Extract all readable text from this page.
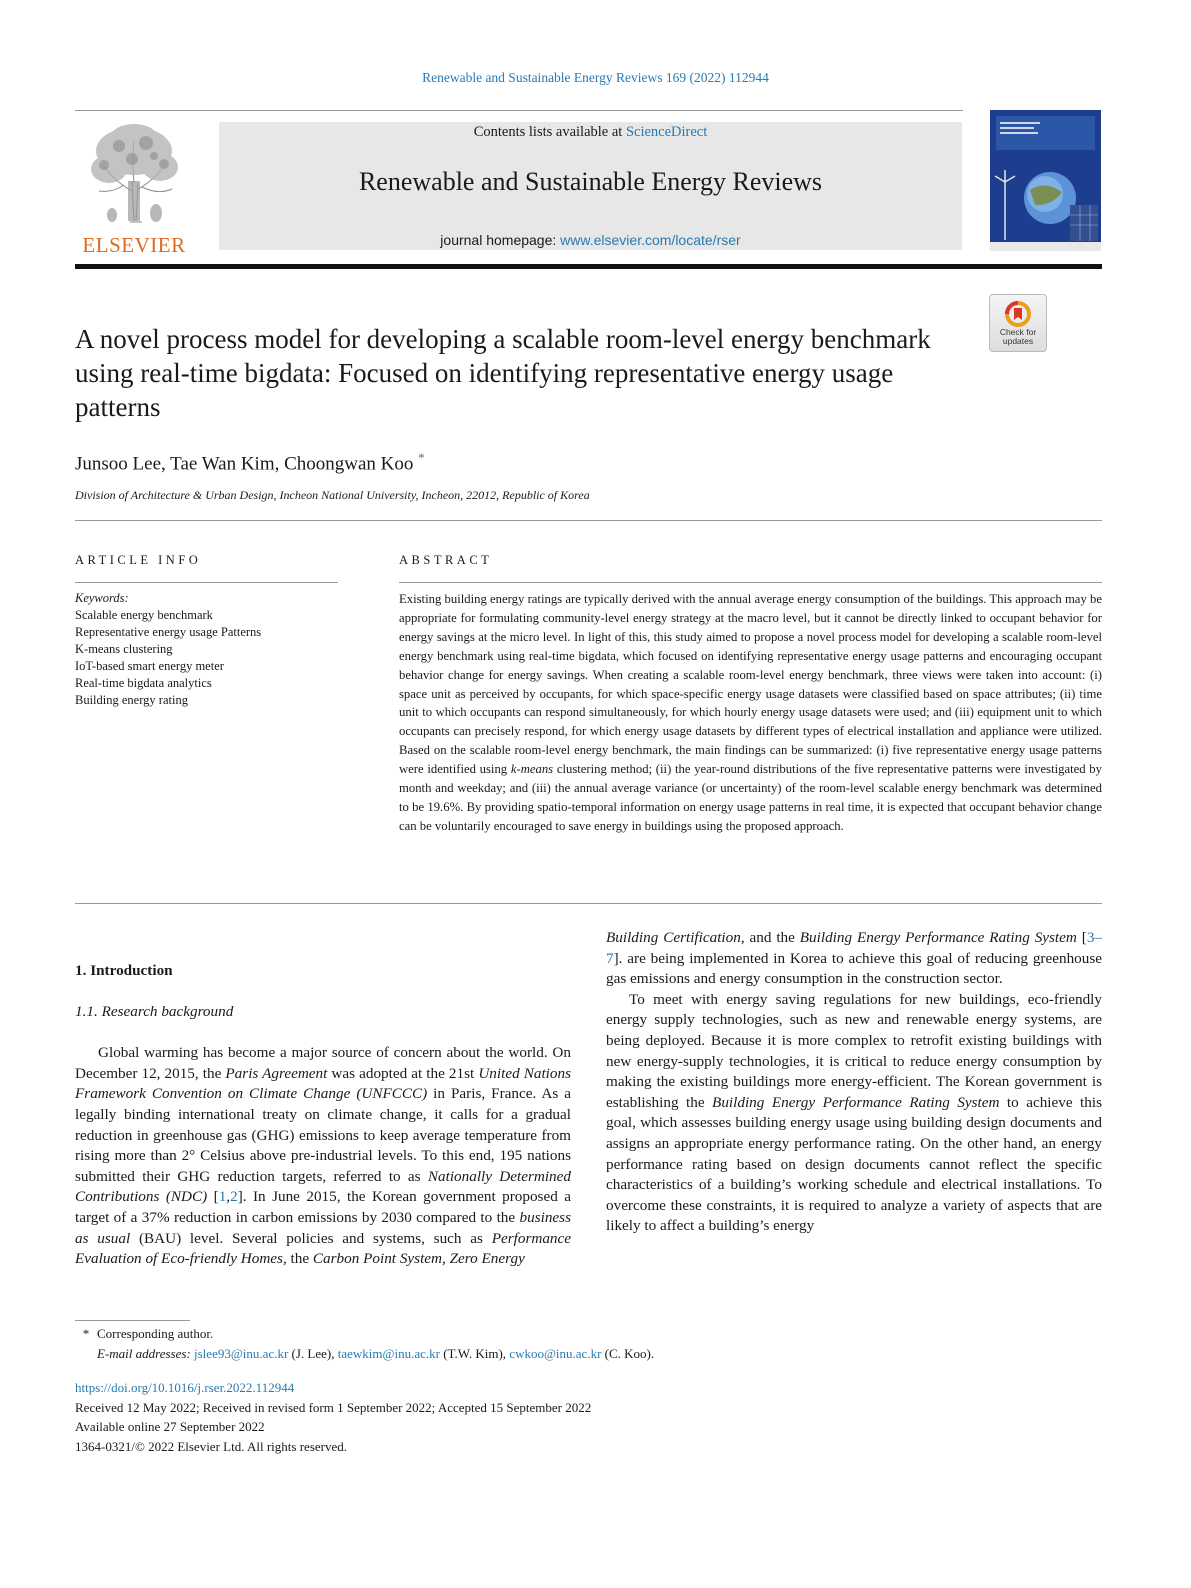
Renewable and Sustainable Energy Reviews 169 (2022) 112944
ELSEVIER
Contents lists available at ScienceDirect
Renewable and Sustainable Energy Reviews
journal homepage: www.elsevier.com/locate/rser
Check for updates
A novel process model for developing a scalable room-level energy benchmark using real-time bigdata: Focused on identifying representative energy usage patterns
Junsoo Lee, Tae Wan Kim, Choongwan Koo *
Division of Architecture & Urban Design, Incheon National University, Incheon, 22012, Republic of Korea
ARTICLE INFO	ABSTRACT
Keywords:
Scalable energy benchmark
Representative energy usage Patterns
K-means clustering
IoT-based smart energy meter
Real-time bigdata analytics
Building energy rating
Existing building energy ratings are typically derived with the annual average energy consumption of the buildings. This approach may be appropriate for formulating community-level energy strategy at the macro level, but it cannot be directly linked to occupant behavior for energy savings at the micro level. In light of this, this study aimed to propose a novel process model for developing a scalable room-level energy benchmark using real-time bigdata, which focused on identifying representative energy usage patterns and encouraging occupant behavior change for energy savings. When creating a scalable room-level energy benchmark, three views were taken into account: (i) space unit as perceived by occupants, for which space-specific energy usage datasets were classified based on space attributes; (ii) time unit to which occupants can respond simultaneously, for which hourly energy usage datasets were used; and (iii) equipment unit to which occupants can precisely respond, for which energy usage datasets by different types of electrical installation and appliance were utilized. Based on the scalable room-level energy benchmark, the main findings can be summarized: (i) five representative energy usage patterns were identified using k-means clustering method; (ii) the year-round distributions of the five representative patterns were investigated by month and weekday; and (iii) the annual average variance (or uncertainty) of the room-level scalable energy benchmark was determined to be 19.6%. By providing spatio-temporal information on energy usage patterns in real time, it is expected that occupant behavior change can be voluntarily encouraged to save energy in buildings using the proposed approach.
1. Introduction
1.1. Research background

Global warming has become a major source of concern about the world. On December 12, 2015, the Paris Agreement was adopted at the 21st United Nations Framework Convention on Climate Change (UNFCCC) in Paris, France. As a legally binding international treaty on climate change, it calls for a gradual reduction in greenhouse gas (GHG) emissions to keep average temperature from rising more than 2° Celsius above pre-industrial levels. To this end, 195 nations submitted their GHG reduction targets, referred to as Nationally Determined Contributions (NDC) [1,2]. In June 2015, the Korean government proposed a target of a 37% reduction in carbon emissions by 2030 compared to the business as usual (BAU) level. Several policies and systems, such as Performance Evaluation of Eco-friendly Homes, the Carbon Point System, Zero Energy

Building Certification, and the Building Energy Performance Rating System [3–7]. are being implemented in Korea to achieve this goal of reducing greenhouse gas emissions and energy consumption in the construction sector.

To meet with energy saving regulations for new buildings, eco-friendly energy supply technologies, such as new and renewable energy systems, are being deployed. Because it is more complex to retrofit existing buildings with new energy-supply technologies, it is critical to reduce energy consumption by making the existing buildings more energy-efficient. The Korean government is establishing the Building Energy Performance Rating System to achieve this goal, which assesses building energy usage using building design documents and assigns an appropriate energy performance rating. On the other hand, an energy performance rating based on design documents cannot reflect the specific characteristics of a building’s working schedule and electrical installations. To overcome these constraints, it is required to analyze a variety of aspects that are likely to affect a building’s energy

* Corresponding author.
E-mail addresses: jslee93@inu.ac.kr (J. Lee), taewkim@inu.ac.kr (T.W. Kim), cwkoo@inu.ac.kr (C. Koo).
https://doi.org/10.1016/j.rser.2022.112944
Received 12 May 2022; Received in revised form 1 September 2022; Accepted 15 September 2022
Available online 27 September 2022
1364-0321/© 2022 Elsevier Ltd. All rights reserved.
